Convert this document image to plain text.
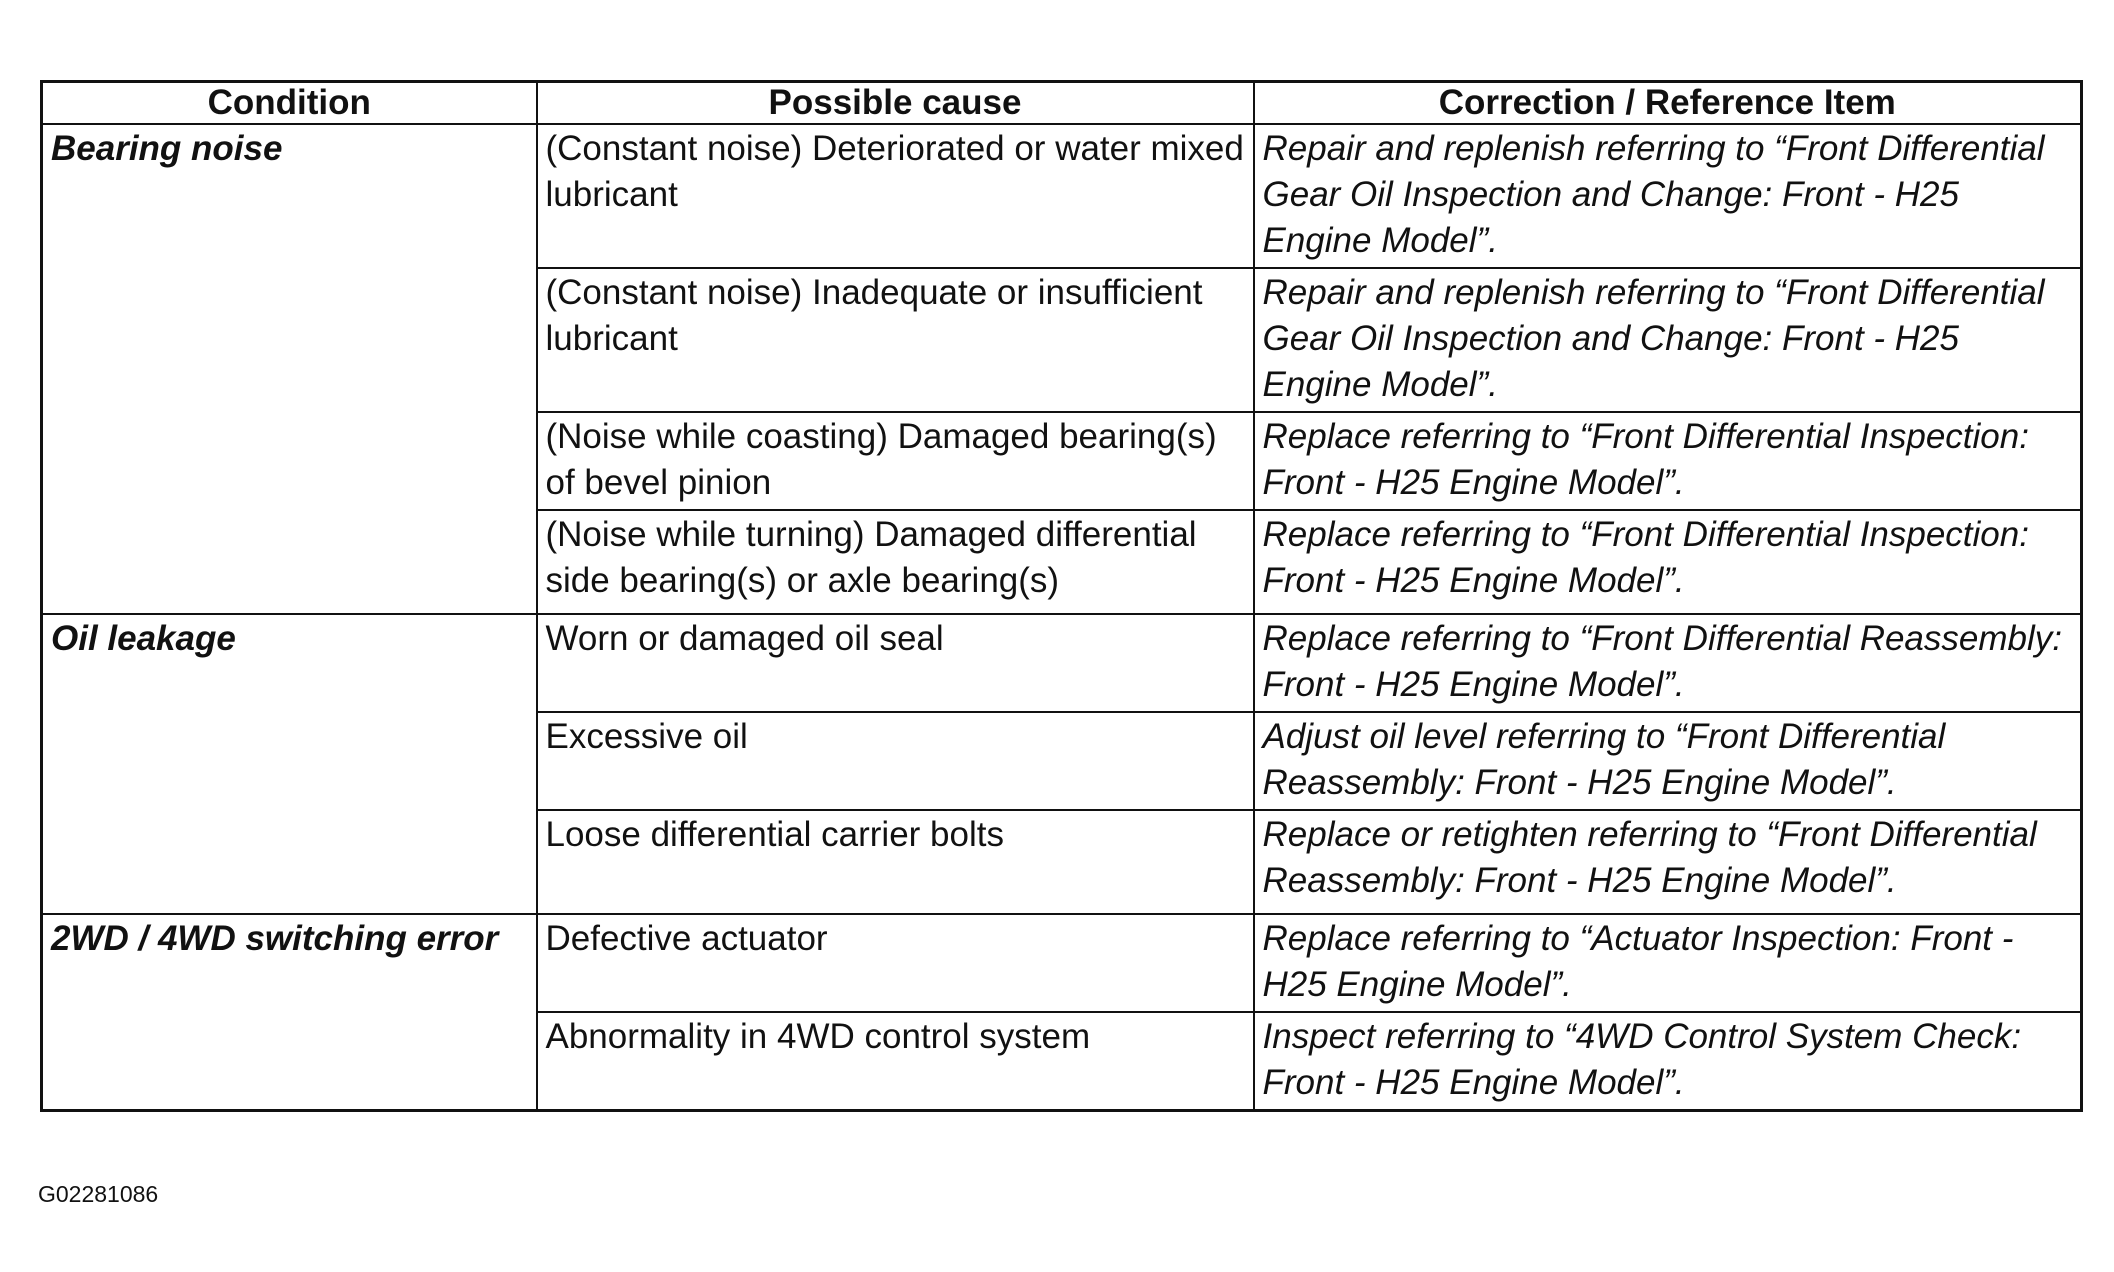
Condition	Possible cause	Correction / Reference Item
Bearing noise	(Constant noise) Deteriorated or water mixed lubricant	Repair and replenish referring to “Front Differential Gear Oil Inspection and Change: Front - H25 Engine Model”.
	(Constant noise) Inadequate or insufficient lubricant	Repair and replenish referring to “Front Differential Gear Oil Inspection and Change: Front - H25 Engine Model”.
	(Noise while coasting) Damaged bearing(s) of bevel pinion	Replace referring to “Front Differential Inspection: Front - H25 Engine Model”.
	(Noise while turning) Damaged differential side bearing(s) or axle bearing(s)	Replace referring to “Front Differential Inspection: Front - H25 Engine Model”.
Oil leakage	Worn or damaged oil seal	Replace referring to “Front Differential Reassembly: Front - H25 Engine Model”.
	Excessive oil	Adjust oil level referring to “Front Differential Reassembly: Front - H25 Engine Model”.
	Loose differential carrier bolts	Replace or retighten referring to “Front Differential Reassembly: Front - H25 Engine Model”.
2WD / 4WD switching error	Defective actuator	Replace referring to “Actuator Inspection: Front - H25 Engine Model”.
	Abnormality in 4WD control system	Inspect referring to “4WD Control System Check: Front - H25 Engine Model”.
G02281086
